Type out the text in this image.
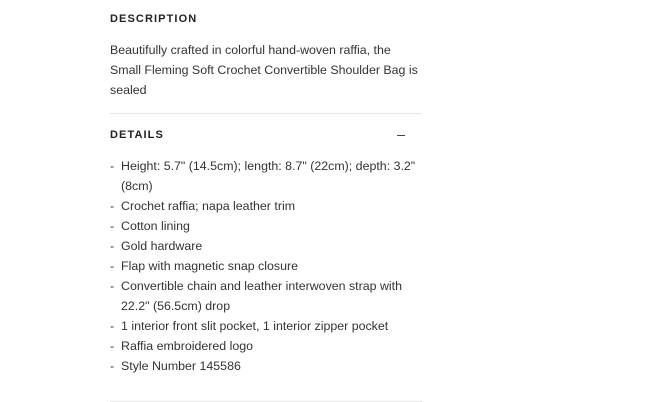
DESCRIPTION
Beautifully crafted in colorful hand-woven raffia, the Small Fleming Soft Crochet Convertible Shoulder Bag is sealed
DETAILS
- Height: 5.7" (14.5cm); length: 8.7" (22cm); depth: 3.2" (8cm)
- Crochet raffia; napa leather trim
- Cotton lining
- Gold hardware
- Flap with magnetic snap closure
- Convertible chain and leather interwoven strap with 22.2" (56.5cm) drop
- 1 interior front slit pocket, 1 interior zipper pocket
- Raffia embroidered logo
- Style Number 145586
